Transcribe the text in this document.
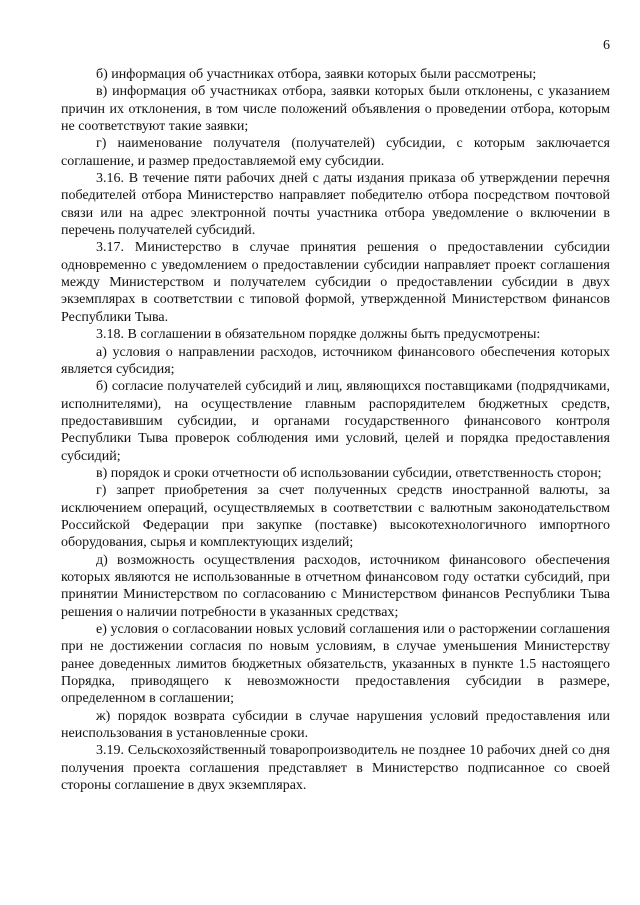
6

б) информация об участниках отбора, заявки которых были рассмотрены;

в) информация об участниках отбора, заявки которых были отклонены, с указанием причин их отклонения, в том числе положений объявления о проведении отбора, которым не соответствуют такие заявки;

г) наименование получателя (получателей) субсидии, с которым заключается соглашение, и размер предоставляемой ему субсидии.

3.16. В течение пяти рабочих дней с даты издания приказа об утверждении перечня победителей отбора Министерство направляет победителю отбора посредством почтовой связи или на адрес электронной почты участника отбора уведомление о включении в перечень получателей субсидий.

3.17. Министерство в случае принятия решения о предоставлении субсидии одновременно с уведомлением о предоставлении субсидии направляет проект соглашения между Министерством и получателем субсидии о предоставлении субсидии в двух экземплярах в соответствии с типовой формой, утвержденной Министерством финансов Республики Тыва.

3.18. В соглашении в обязательном порядке должны быть предусмотрены:

а) условия о направлении расходов, источником финансового обеспечения которых является субсидия;

б) согласие получателей субсидий и лиц, являющихся поставщиками (подрядчиками, исполнителями), на осуществление главным распорядителем бюджетных средств, предоставившим субсидии, и органами государственного финансового контроля Республики Тыва проверок соблюдения ими условий, целей и порядка предоставления субсидий;

в) порядок и сроки отчетности об использовании субсидии, ответственность сторон;

г) запрет приобретения за счет полученных средств иностранной валюты, за исключением операций, осуществляемых в соответствии с валютным законодательством Российской Федерации при закупке (поставке) высокотехнологичного импортного оборудования, сырья и комплектующих изделий;

д) возможность осуществления расходов, источником финансового обеспечения которых являются не использованные в отчетном финансовом году остатки субсидий, при принятии Министерством по согласованию с Министерством финансов Республики Тыва решения о наличии потребности в указанных средствах;

е) условия о согласовании новых условий соглашения или о расторжении соглашения при не достижении согласия по новым условиям, в случае уменьшения Министерству ранее доведенных лимитов бюджетных обязательств, указанных в пункте 1.5 настоящего Порядка, приводящего к невозможности предоставления субсидии в размере, определенном в соглашении;

ж) порядок возврата субсидии в случае нарушения условий предоставления или неиспользования в установленные сроки.

3.19. Сельскохозяйственный товаропроизводитель не позднее 10 рабочих дней со дня получения проекта соглашения представляет в Министерство подписанное со своей стороны соглашение в двух экземплярах.
